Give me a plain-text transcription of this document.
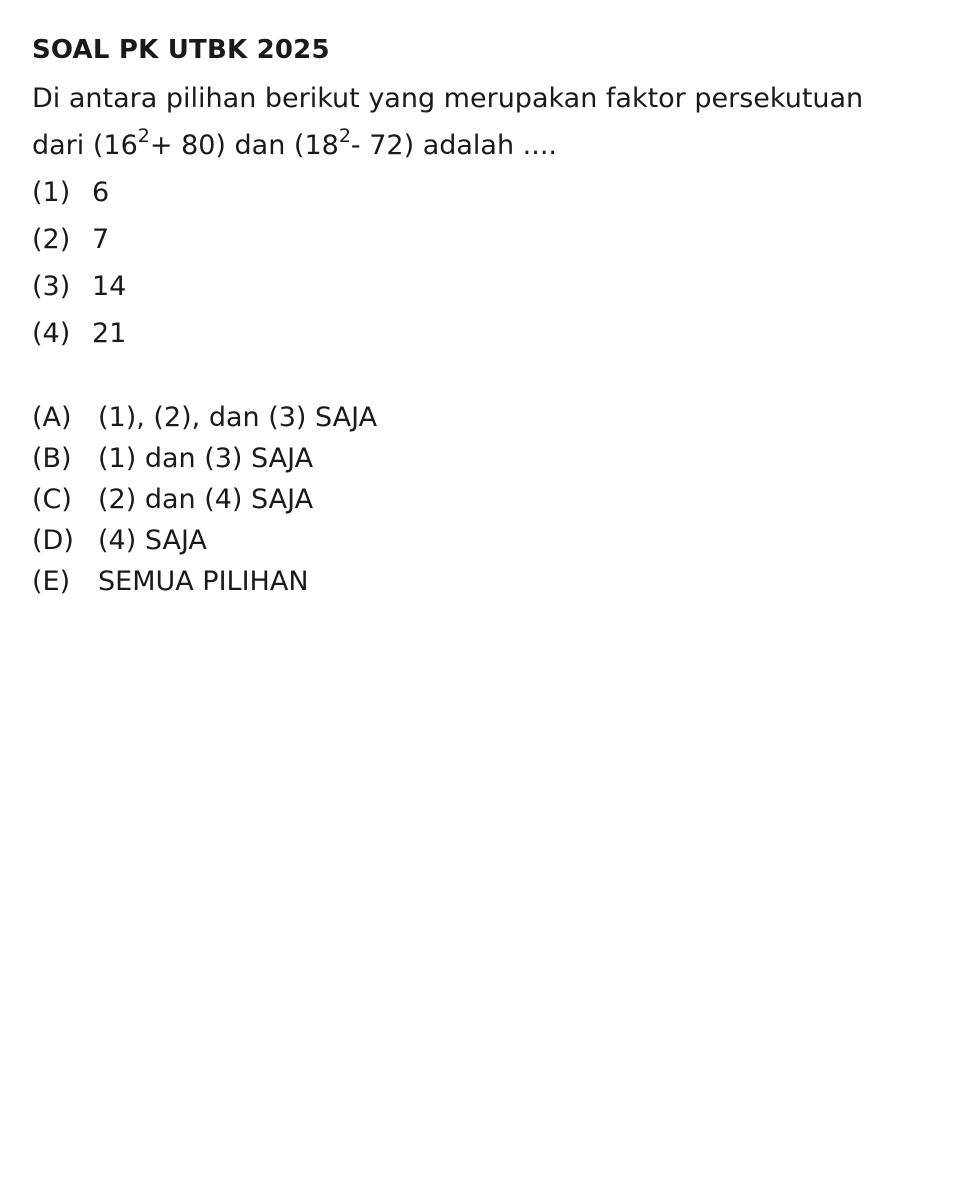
SOAL PK UTBK 2025

Di antara pilihan berikut yang merupakan faktor persekutuan
dari $(16^2+ 80)$ dan ($18^2-$ 72) adalah ....

(1) 6
(2) 7
(3) 14
(4) 21
(A) (1), (2), dan (3) SAJA
(B) (1) dan (3) SAJA
(C) (2) dan (4) SAJA
(D) (4) SAJA
(E) SEMUA PILIHAN
